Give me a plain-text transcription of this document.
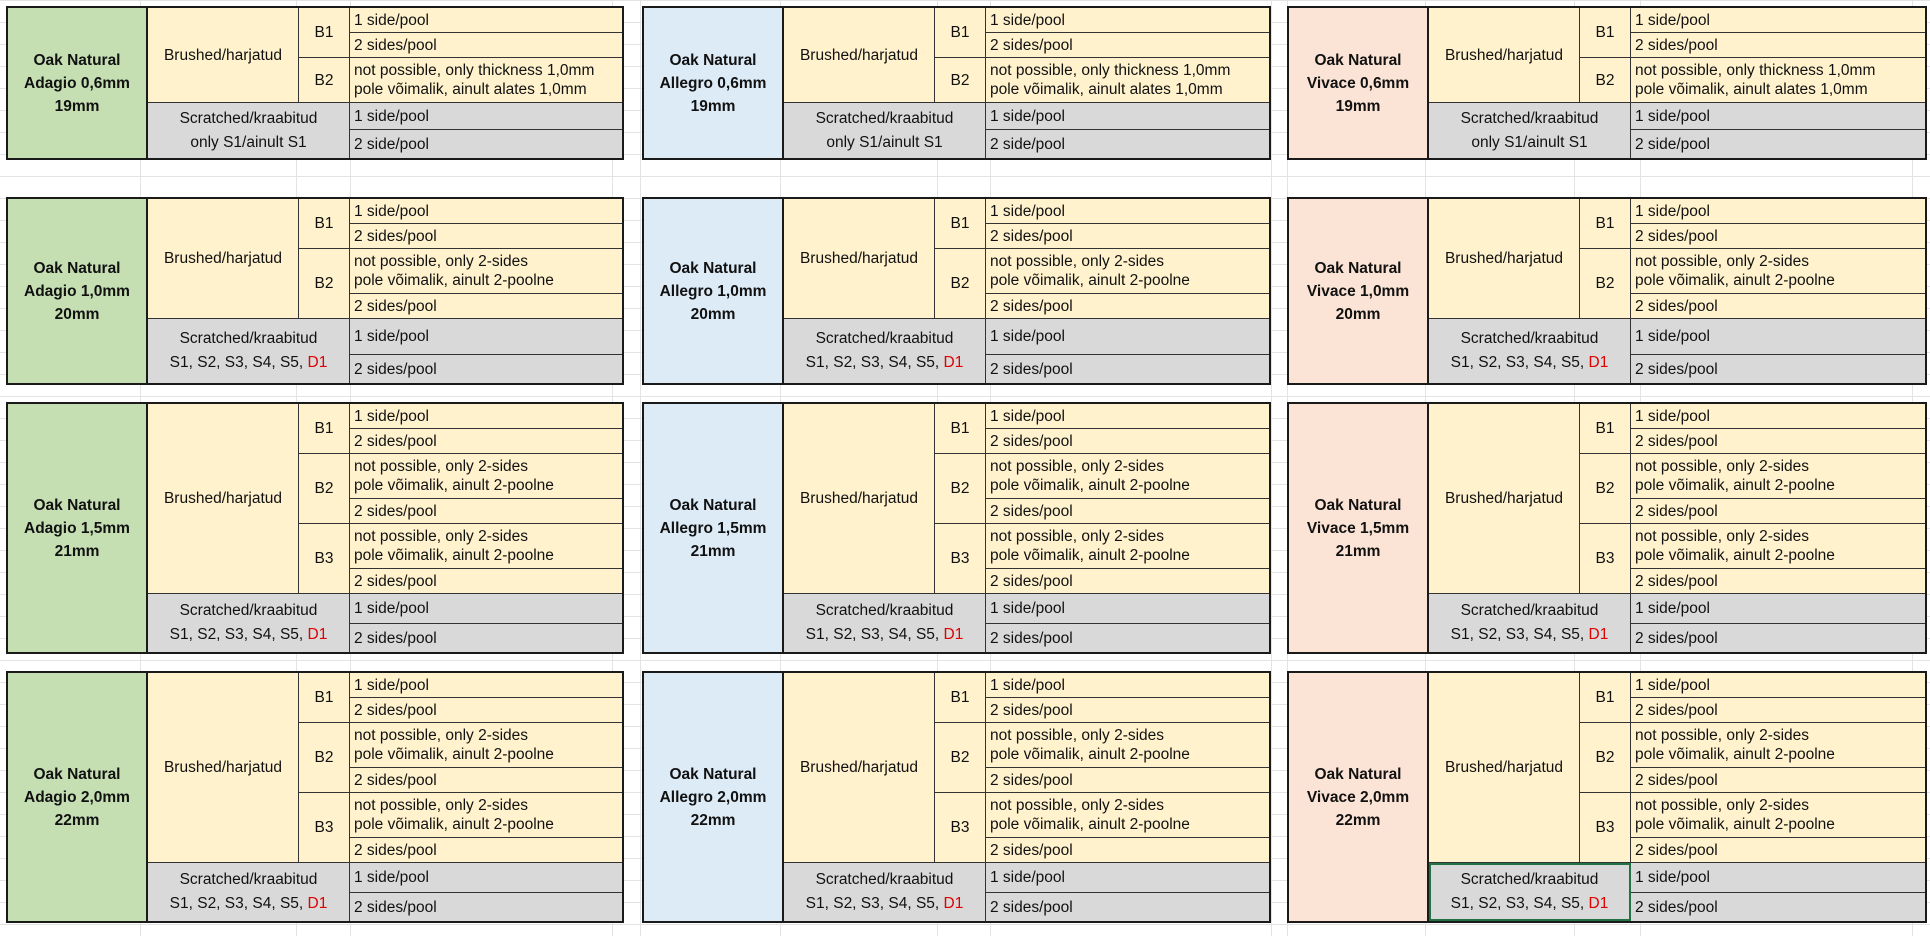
Oak Natural
Adagio 0,6mm
19mm
Brushed/harjatud
B1
1 side/pool
2 sides/pool
B2
not possible, only thickness 1,0mm
pole võimalik, ainult alates 1,0mm
Scratched/kraabitud
only S1/ainult S1
1 side/pool
2 side/pool
Oak Natural
Allegro 0,6mm
19mm
Brushed/harjatud
B1
1 side/pool
2 sides/pool
B2
not possible, only thickness 1,0mm
pole võimalik, ainult alates 1,0mm
Scratched/kraabitud
only S1/ainult S1
1 side/pool
2 side/pool
Oak Natural
Vivace 0,6mm
19mm
Brushed/harjatud
B1
1 side/pool
2 sides/pool
B2
not possible, only thickness 1,0mm
pole võimalik, ainult alates 1,0mm
Scratched/kraabitud
only S1/ainult S1
1 side/pool
2 side/pool
Oak Natural
Adagio 1,0mm
20mm
Brushed/harjatud
B1
1 side/pool
2 sides/pool
B2
not possible, only 2-sides
pole võimalik, ainult 2-poolne
2 sides/pool
Scratched/kraabitud
S1, S2, S3, S4, S5, D1
1 side/pool
2 sides/pool
Oak Natural
Allegro 1,0mm
20mm
Brushed/harjatud
B1
1 side/pool
2 sides/pool
B2
not possible, only 2-sides
pole võimalik, ainult 2-poolne
2 sides/pool
Scratched/kraabitud
S1, S2, S3, S4, S5, D1
1 side/pool
2 sides/pool
Oak Natural
Vivace 1,0mm
20mm
Brushed/harjatud
B1
1 side/pool
2 sides/pool
B2
not possible, only 2-sides
pole võimalik, ainult 2-poolne
2 sides/pool
Scratched/kraabitud
S1, S2, S3, S4, S5, D1
1 side/pool
2 sides/pool
Oak Natural
Adagio 1,5mm
21mm
Brushed/harjatud
B1
1 side/pool
2 sides/pool
B2
not possible, only 2-sides
pole võimalik, ainult 2-poolne
2 sides/pool
B3
not possible, only 2-sides
pole võimalik, ainult 2-poolne
2 sides/pool
Scratched/kraabitud
S1, S2, S3, S4, S5, D1
1 side/pool
2 sides/pool
Oak Natural
Allegro 1,5mm
21mm
Brushed/harjatud
B1
1 side/pool
2 sides/pool
B2
not possible, only 2-sides
pole võimalik, ainult 2-poolne
2 sides/pool
B3
not possible, only 2-sides
pole võimalik, ainult 2-poolne
2 sides/pool
Scratched/kraabitud
S1, S2, S3, S4, S5, D1
1 side/pool
2 sides/pool
Oak Natural
Vivace 1,5mm
21mm
Brushed/harjatud
B1
1 side/pool
2 sides/pool
B2
not possible, only 2-sides
pole võimalik, ainult 2-poolne
2 sides/pool
B3
not possible, only 2-sides
pole võimalik, ainult 2-poolne
2 sides/pool
Scratched/kraabitud
S1, S2, S3, S4, S5, D1
1 side/pool
2 sides/pool
Oak Natural
Adagio 2,0mm
22mm
Brushed/harjatud
B1
1 side/pool
2 sides/pool
B2
not possible, only 2-sides
pole võimalik, ainult 2-poolne
2 sides/pool
B3
not possible, only 2-sides
pole võimalik, ainult 2-poolne
2 sides/pool
Scratched/kraabitud
S1, S2, S3, S4, S5, D1
1 side/pool
2 sides/pool
Oak Natural
Allegro 2,0mm
22mm
Brushed/harjatud
B1
1 side/pool
2 sides/pool
B2
not possible, only 2-sides
pole võimalik, ainult 2-poolne
2 sides/pool
B3
not possible, only 2-sides
pole võimalik, ainult 2-poolne
2 sides/pool
Scratched/kraabitud
S1, S2, S3, S4, S5, D1
1 side/pool
2 sides/pool
Oak Natural
Vivace 2,0mm
22mm
Brushed/harjatud
B1
1 side/pool
2 sides/pool
B2
not possible, only 2-sides
pole võimalik, ainult 2-poolne
2 sides/pool
B3
not possible, only 2-sides
pole võimalik, ainult 2-poolne
2 sides/pool
Scratched/kraabitud
S1, S2, S3, S4, S5, D1
1 side/pool
2 sides/pool
